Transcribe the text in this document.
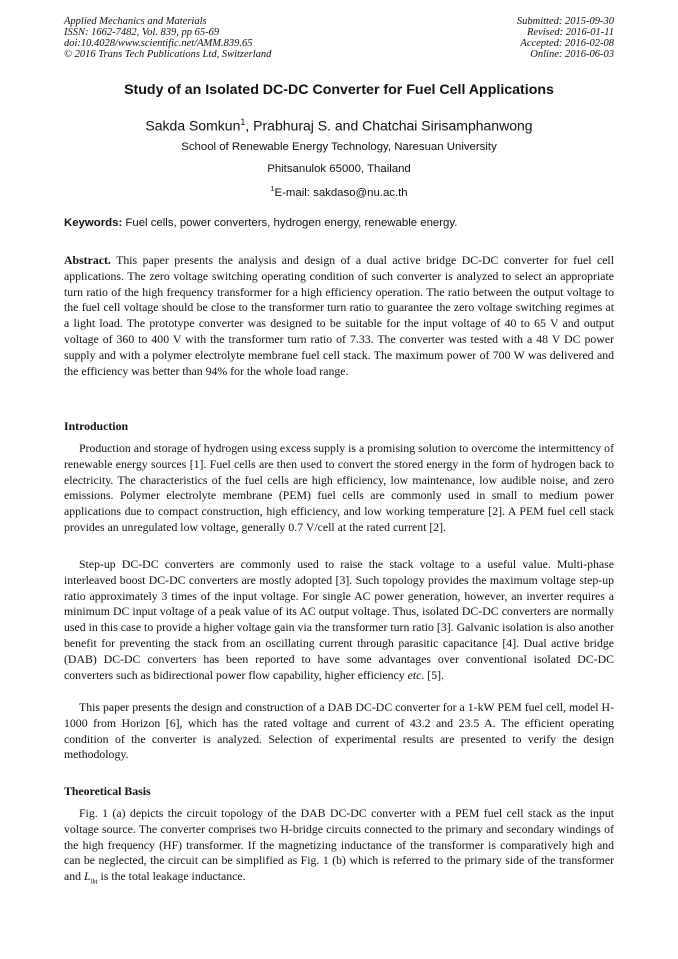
Applied Mechanics and Materials
ISSN: 1662-7482, Vol. 839, pp 65-69
doi:10.4028/www.scientific.net/AMM.839.65
© 2016 Trans Tech Publications Ltd, Switzerland
Submitted: 2015-09-30
Revised: 2016-01-11
Accepted: 2016-02-08
Online: 2016-06-03
Study of an Isolated DC-DC Converter for Fuel Cell Applications
Sakda Somkun$^1$, Prabhuraj S. and Chatchai Sirisamphanwong
School of Renewable Energy Technology, Naresuan University
Phitsanulok 65000, Thailand
$^1$E-mail: sakdaso@nu.ac.th
Keywords: Fuel cells, power converters, hydrogen energy, renewable energy.
Abstract. This paper presents the analysis and design of a dual active bridge DC-DC converter for fuel cell applications. The zero voltage switching operating condition of such converter is analyzed to select an appropriate turn ratio of the high frequency transformer for a high efficiency operation. The ratio between the output voltage to the fuel cell voltage should be close to the transformer turn ratio to guarantee the zero voltage switching regimes at a light load. The prototype converter was designed to be suitable for the input voltage of 40 to 65 V and output voltage of 360 to 400 V with the transformer turn ratio of 7.33. The converter was tested with a 48 V DC power supply and with a polymer electrolyte membrane fuel cell stack. The maximum power of 700 W was delivered and the efficiency was better than 94% for the whole load range.
Introduction
Production and storage of hydrogen using excess supply is a promising solution to overcome the intermittency of renewable energy sources [1]. Fuel cells are then used to convert the stored energy in the form of hydrogen back to electricity. The characteristics of the fuel cells are high efficiency, low maintenance, low audible noise, and zero emissions. Polymer electrolyte membrane (PEM) fuel cells are commonly used in small to medium power applications due to compact construction, high efficiency, and low working temperature [2]. A PEM fuel cell stack provides an unregulated low voltage, generally 0.7 V/cell at the rated current [2].
Step-up DC-DC converters are commonly used to raise the stack voltage to a useful value. Multi-phase interleaved boost DC-DC converters are mostly adopted [3]. Such topology provides the maximum voltage step-up ratio approximately 3 times of the input voltage. For single AC power generation, however, an inverter requires a minimum DC input voltage of a peak value of its AC output voltage. Thus, isolated DC-DC converters are normally used in this case to provide a higher voltage gain via the transformer turn ratio [3]. Galvanic isolation is also another benefit for preventing the stack from an oscillating current through parasitic capacitance [4]. Dual active bridge (DAB) DC-DC converters has been reported to have some advantages over conventional isolated DC-DC converters such as bidirectional power flow capability, higher efficiency etc. [5].
This paper presents the design and construction of a DAB DC-DC converter for a 1-kW PEM fuel cell, model H-1000 from Horizon [6], which has the rated voltage and current of 43.2 and 23.5 A. The efficient operating condition of the converter is analyzed. Selection of experimental results are presented to verify the design methodology.
Theoretical Basis
Fig. 1 (a) depicts the circuit topology of the DAB DC-DC converter with a PEM fuel cell stack as the input voltage source. The converter comprises two H-bridge circuits connected to the primary and secondary windings of the high frequency (HF) transformer. If the magnetizing inductance of the transformer is comparatively high and can be neglected, the circuit can be simplified as Fig. 1 (b) which is referred to the primary side of the transformer and $L_{lkt}$ is the total leakage inductance.
